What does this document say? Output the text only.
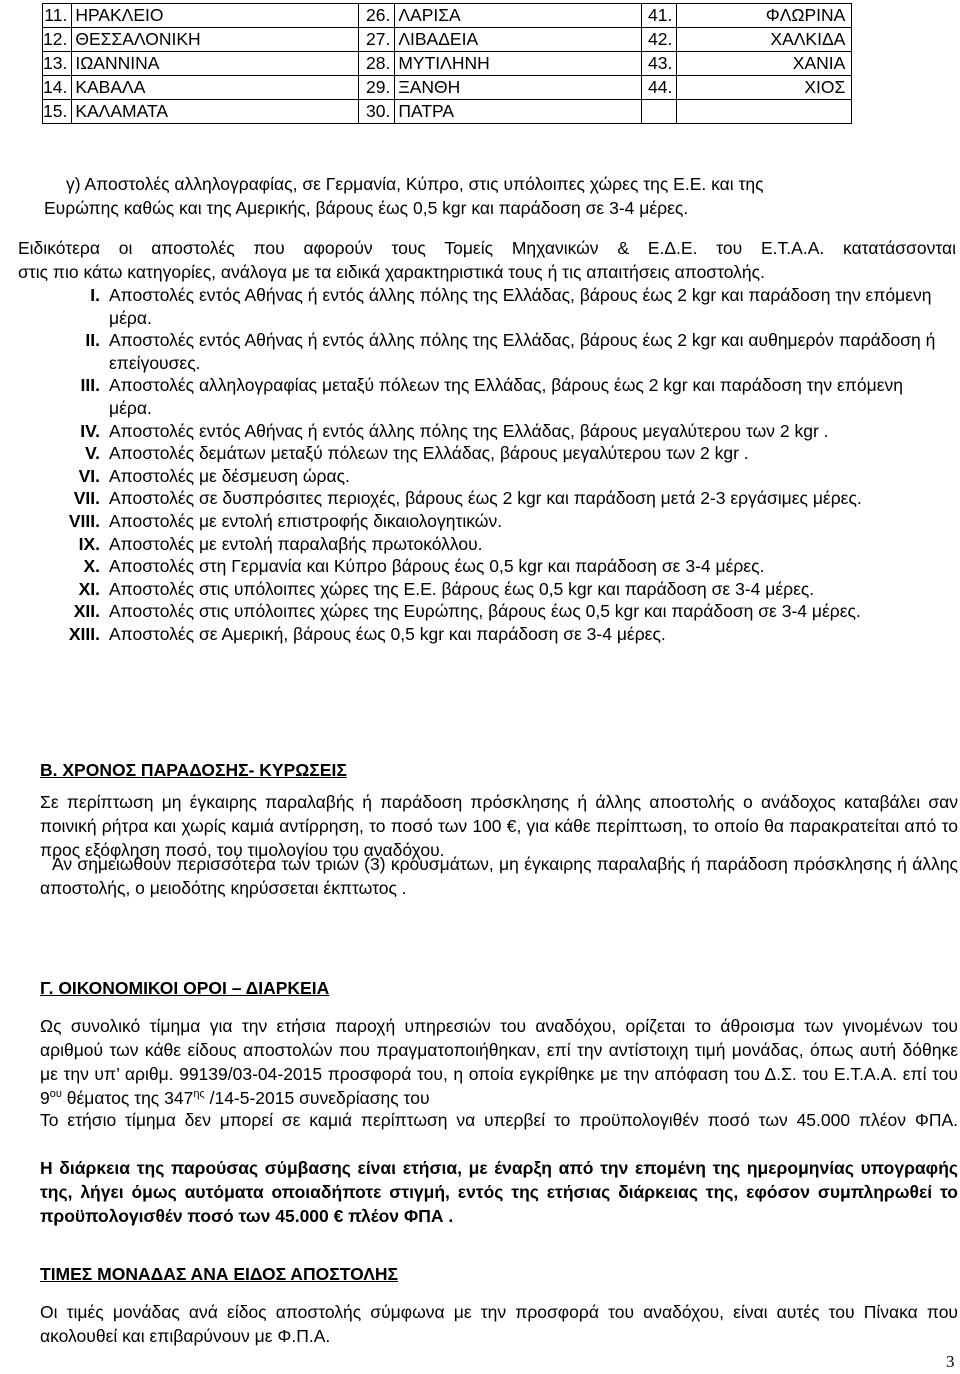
11.	ΗΡΑΚΛΕΙΟ	26.	ΛΑΡΙΣΑ	41.	ΦΛΩΡΙΝΑ
12.	ΘΕΣΣΑΛΟΝΙΚΗ	27.	ΛΙΒΑΔΕΙΑ	42.	ΧΑΛΚΙΔΑ
13.	ΙΩΑΝΝΙΝΑ	28.	ΜΥΤΙΛΗΝΗ	43.	ΧΑΝΙΑ
14.	ΚΑΒΑΛΑ	29.	ΞΑΝΘΗ	44.	ΧΙΟΣ
15.	ΚΑΛΑΜΑΤΑ	30.	ΠΑΤΡΑ		

γ) Αποστολές αλληλογραφίας, σε Γερμανία, Κύπρο, στις υπόλοιπες χώρες της Ε.Ε. και της
Ευρώπης καθώς και της Αμερικής, βάρους έως 0,5 kgr και παράδοση σε 3-4 μέρες.

Ειδικότερα οι αποστολές που αφορούν τους Τομείς Μηχανικών & Ε.Δ.Ε. του Ε.Τ.Α.Α. κατατάσσονται
στις πιο κάτω κατηγορίες, ανάλογα με τα ειδικά χαρακτηριστικά τους ή τις απαιτήσεις αποστολής.

I. Αποστολές εντός Αθήνας ή εντός άλλης πόλης της Ελλάδας, βάρους έως 2 kgr και παράδοση την επόμενη μέρα.
II. Αποστολές εντός Αθήνας ή εντός άλλης πόλης της Ελλάδας, βάρους έως 2 kgr και αυθημερόν παράδοση ή επείγουσες.
III. Αποστολές αλληλογραφίας μεταξύ πόλεων της Ελλάδας, βάρους έως 2 kgr και παράδοση την επόμενη μέρα.
IV. Αποστολές εντός Αθήνας ή εντός άλλης πόλης της Ελλάδας, βάρους μεγαλύτερου των 2 kgr .
V. Αποστολές δεμάτων μεταξύ πόλεων της Ελλάδας, βάρους μεγαλύτερου των 2 kgr .
VI. Αποστολές με δέσμευση ώρας.
VII. Αποστολές σε δυσπρόσιτες περιοχές, βάρους έως 2 kgr και παράδοση μετά 2-3 εργάσιμες μέρες.
VIII. Αποστολές με εντολή επιστροφής δικαιολογητικών.
IX. Αποστολές με εντολή παραλαβής πρωτοκόλλου.
X. Αποστολές στη Γερμανία και Κύπρο βάρους έως 0,5 kgr και παράδοση σε 3-4 μέρες.
XI. Αποστολές στις υπόλοιπες χώρες της Ε.Ε. βάρους έως 0,5 kgr και παράδοση σε 3-4 μέρες.
XII. Αποστολές στις υπόλοιπες χώρες της Ευρώπης, βάρους έως 0,5 kgr και παράδοση σε 3-4 μέρες.
XIII. Αποστολές σε Αμερική, βάρους έως 0,5 kgr και παράδοση σε 3-4 μέρες.

Β. ΧΡΟΝΟΣ ΠΑΡΑΔΟΣΗΣ- ΚΥΡΩΣΕΙΣ

Σε περίπτωση μη έγκαιρης παραλαβής ή παράδοση πρόσκλησης ή άλλης αποστολής ο ανάδοχος καταβάλει σαν ποινική ρήτρα και χωρίς καμιά αντίρρηση, το ποσό των 100 €, για κάθε περίπτωση, το οποίο θα παρακρατείται από το προς εξόφληση ποσό, του τιμολογίου του αναδόχου.

Αν σημειωθούν περισσότερα των τριών (3) κρουσμάτων, μη έγκαιρης παραλαβής ή παράδοση πρόσκλησης ή άλλης αποστολής, ο μειοδότης κηρύσσεται έκπτωτος .

Γ. ΟΙΚΟΝΟΜΙΚΟΙ ΟΡΟΙ – ΔΙΑΡΚΕΙΑ

Ως συνολικό τίμημα για την ετήσια παροχή υπηρεσιών του αναδόχου, ορίζεται το άθροισμα των γινομένων του αριθμού των κάθε είδους αποστολών που πραγματοποιήθηκαν, επί την αντίστοιχη τιμή μονάδας, όπως αυτή δόθηκε με την υπ’ αριθμ. 99139/03-04-2015 προσφορά του, η οποία εγκρίθηκε με την απόφαση του Δ.Σ. του Ε.Τ.Α.Α. επί του $9^{o\upsilon}$ θέματος της $347^{\eta\varsigma}$ /14-5-2015 συνεδρίασης του

Το ετήσιο τίμημα δεν μπορεί σε καμιά περίπτωση να υπερβεί το προϋπολογιθέν ποσό των 45.000 πλέον ΦΠΑ.

Η διάρκεια της παρούσας σύμβασης είναι ετήσια, με έναρξη από την επομένη της ημερομηνίας υπογραφής της, λήγει όμως αυτόματα οποιαδήποτε στιγμή, εντός της ετήσιας διάρκειας της, εφόσον συμπληρωθεί το προϋπολογισθέν ποσό των 45.000 € πλέον ΦΠΑ .

ΤΙΜΕΣ ΜΟΝΑΔΑΣ ΑΝΑ ΕΙΔΟΣ ΑΠΟΣΤΟΛΗΣ

Οι τιμές μονάδας ανά είδος αποστολής σύμφωνα με την προσφορά του αναδόχου, είναι αυτές του Πίνακα που ακολουθεί και επιβαρύνουν με Φ.Π.Α.

3
